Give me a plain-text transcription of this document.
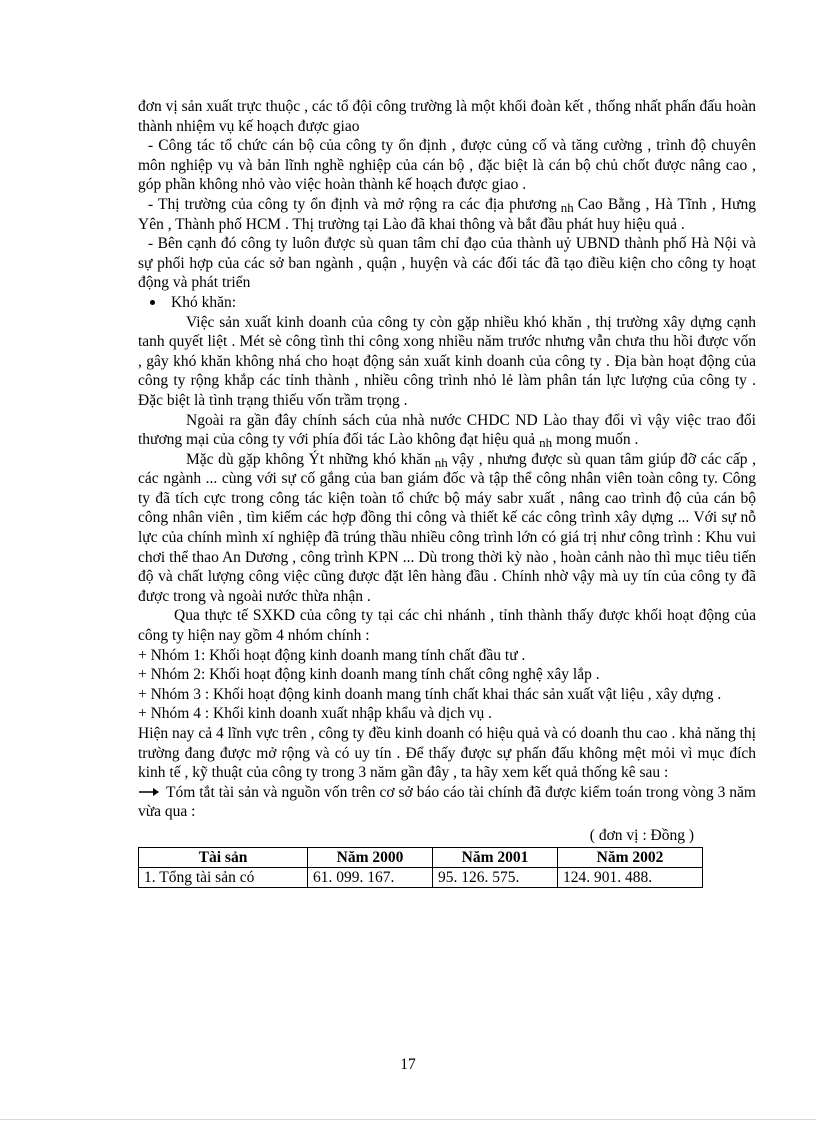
đơn vị sản xuất trực thuộc , các tổ đội công trường là một khối đoàn kết , thống nhất phấn đấu hoàn thành nhiệm vụ kế hoạch được giao

- Công tác tổ chức cán bộ của công ty ổn định , được củng cố và tăng cường , trình độ chuyên môn nghiệp vụ và bản lĩnh nghề nghiệp của cán bộ , đặc biệt là cán bộ chủ chốt được nâng cao , góp phần không nhỏ vào việc hoàn thành kế hoạch được giao .

- Thị trường của công ty ổn định và mở rộng ra các địa phương nh Cao Bằng , Hà Tĩnh , Hưng Yên , Thành phố HCM . Thị trường tại Lào đã khai thông và bắt đầu phát huy hiệu quả .

- Bên cạnh đó công ty luôn được sù quan tâm chỉ đạo của thành uỷ UBND thành phố Hà Nội và sự phối hợp của các sở ban ngành , quận , huyện và các đối tác đã tạo điều kiện cho công ty hoạt động và phát triển

Khó khăn:

Việc sản xuất kinh doanh của công ty còn gặp nhiều khó khăn , thị trường xây dựng cạnh tanh quyết liệt . Mét sè công tình thi công xong nhiều năm trước nhưng vẫn chưa thu hồi được vốn , gây khó khăn không nhá cho hoạt động sản xuất kinh doanh của công ty . Địa bàn hoạt động của công ty rộng khắp các tỉnh thành , nhiều công trình nhỏ lẻ làm phân tán lực lượng của công ty . Đặc biệt là tình trạng thiếu vốn trầm trọng .

Ngoài ra gần đây chính sách của nhà nước CHDC ND Lào thay đổi vì vậy việc trao đổi thương mại của công ty với phía đối tác Lào không đạt hiệu quả nh mong muốn .

Mặc dù gặp không Ýt những khó khăn nh vậy , nhưng được sù quan tâm giúp đỡ các cấp , các ngành ... cùng với sự cố gắng của ban giám đốc và tập thể công nhân viên toàn công ty. Công ty đã tích cực trong công tác kiện toàn tổ chức bộ máy sabr xuất , nâng cao trình độ của cán bộ công nhân viên , tìm kiếm các hợp đồng thi công và thiết kế các công trình xây dựng ... Với sự nỗ lực của chính mình xí nghiệp đã trúng thầu nhiều công trình lớn có giá trị như công trình : Khu vui chơi thể thao An Dương , công trình KPN ... Dù trong thời kỳ nào , hoàn cảnh nào thì mục tiêu tiến độ và chất lượng công việc cũng được đặt lên hàng đầu . Chính nhờ vậy mà uy tín của công ty đã được trong và ngoài nước thừa nhận .

Qua thực tế SXKD của công ty tại các chi nhánh , tỉnh thành thấy được khối hoạt động của công ty hiện nay gồm 4 nhóm chính :

+ Nhóm 1: Khối hoạt động kinh doanh mang tính chất đầu tư .

+ Nhóm 2: Khối hoạt động kinh doanh mang tính chất công nghệ xây lắp .

+ Nhóm 3 : Khối hoạt động kinh doanh mang tính chất khai thác sản xuất vật liệu , xây dựng .

+ Nhóm 4 : Khối kinh doanh xuất nhập khẩu và dịch vụ .

Hiện nay cả 4 lĩnh vực trên , công ty đều kinh doanh có hiệu quả và có doanh thu cao . khả năng thị trường đang được mở rộng và có uy tín . Để thấy được sự phấn đấu không mệt mỏi vì mục đích kinh tế , kỹ thuật của công ty trong 3 năm gần đây , ta hãy xem kết quả thống kê sau :

Tóm tắt tài sản và nguồn vốn trên cơ sở báo cáo tài chính đã được kiểm toán trong vòng 3 năm vừa qua :

( đơn vị : Đồng )
Tài sản	Năm 2000	Năm 2001	Năm 2002
1. Tổng tài sản có	61. 099. 167.	95. 126. 575.	124. 901. 488.
17
